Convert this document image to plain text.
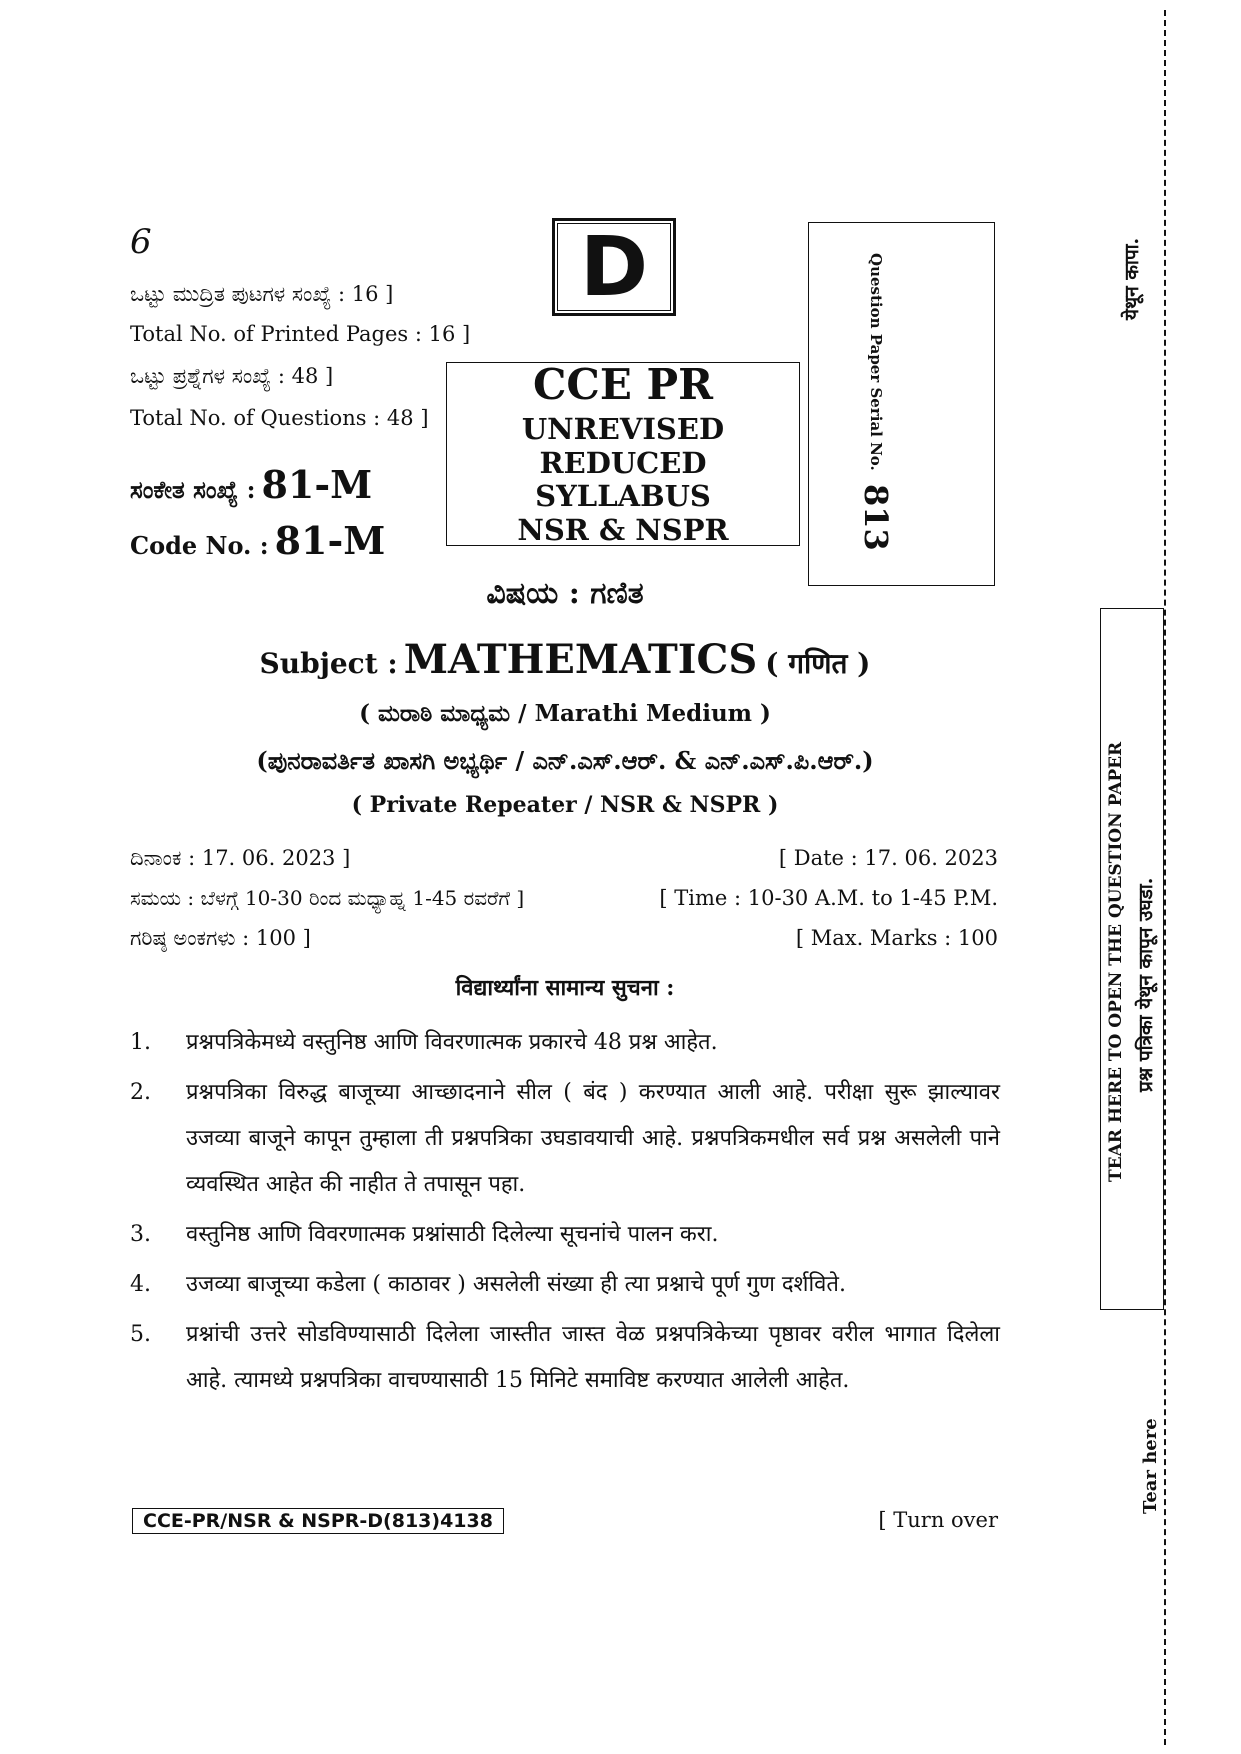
6
ಒಟ್ಟು ಮುದ್ರಿತ ಪುಟಗಳ ಸಂಖ್ಯೆ : 16 ]
Total No. of Printed Pages : 16 ]
ಒಟ್ಟು ಪ್ರಶ್ನೆಗಳ ಸಂಖ್ಯೆ : 48 ]
Total No. of Questions : 48 ]
ಸಂಕೇತ ಸಂಖ್ಯೆ : 81-M
Code No. : 81-M
D
CCE PR
UNREVISED
REDUCED SYLLABUS
NSR & NSPR
Question Paper Serial No. 813
ವಿಷಯ : ಗಣಿತ
Subject : MATHEMATICS ( गणित )
( ಮರಾಠಿ ಮಾಧ್ಯಮ / Marathi Medium )
(ಪುನರಾವರ್ತಿತ ಖಾಸಗಿ ಅಭ್ಯರ್ಥಿ / ಎನ್.ಎಸ್.ಆರ್. & ಎನ್.ಎಸ್.ಪಿ.ಆರ್.)
( Private Repeater / NSR & NSPR )
ದಿನಾಂಕ : 17. 06. 2023 ]	[ Date : 17. 06. 2023
ಸಮಯ : ಬೆಳಗ್ಗೆ 10-30 ರಿಂದ ಮಧ್ಯಾಹ್ನ 1-45 ರವರೆಗೆ ]	[ Time : 10-30 A.M. to 1-45 P.M.
ಗರಿಷ್ಠ ಅಂಕಗಳು : 100 ]	[ Max. Marks : 100
विद्यार्थ्यांना सामान्य सुचना :
1.	प्रश्नपत्रिकेमध्ये वस्तुनिष्ठ आणि विवरणात्मक प्रकारचे 48 प्रश्न आहेत.
2.	प्रश्नपत्रिका विरुद्ध बाजूच्या आच्छादनाने सील ( बंद ) करण्यात आली आहे. परीक्षा सुरू झाल्यावर उजव्या बाजूने कापून तुम्हाला ती प्रश्नपत्रिका उघडावयाची आहे. प्रश्नपत्रिकमधील सर्व प्रश्न असलेली पाने व्यवस्थित आहेत की नाहीत ते तपासून पहा.
3.	वस्तुनिष्ठ आणि विवरणात्मक प्रश्नांसाठी दिलेल्या सूचनांचे पालन करा.
4.	उजव्या बाजूच्या कडेला ( काठावर ) असलेली संख्या ही त्या प्रश्नाचे पूर्ण गुण दर्शविते.
5.	प्रश्नांची उत्तरे सोडविण्यासाठी दिलेला जास्तीत जास्त वेळ प्रश्नपत्रिकेच्या पृष्ठावर वरील भागात दिलेला आहे. त्यामध्ये प्रश्नपत्रिका वाचण्यासाठी 15 मिनिटे समाविष्ट करण्यात आलेली आहेत.
CCE-PR/NSR & NSPR-D(813)4138	[ Turn over
येथून कापा.
TEAR HERE TO OPEN THE QUESTION PAPER प्रश्न पत्रिका येथून कापून उघडा.
Tear here
